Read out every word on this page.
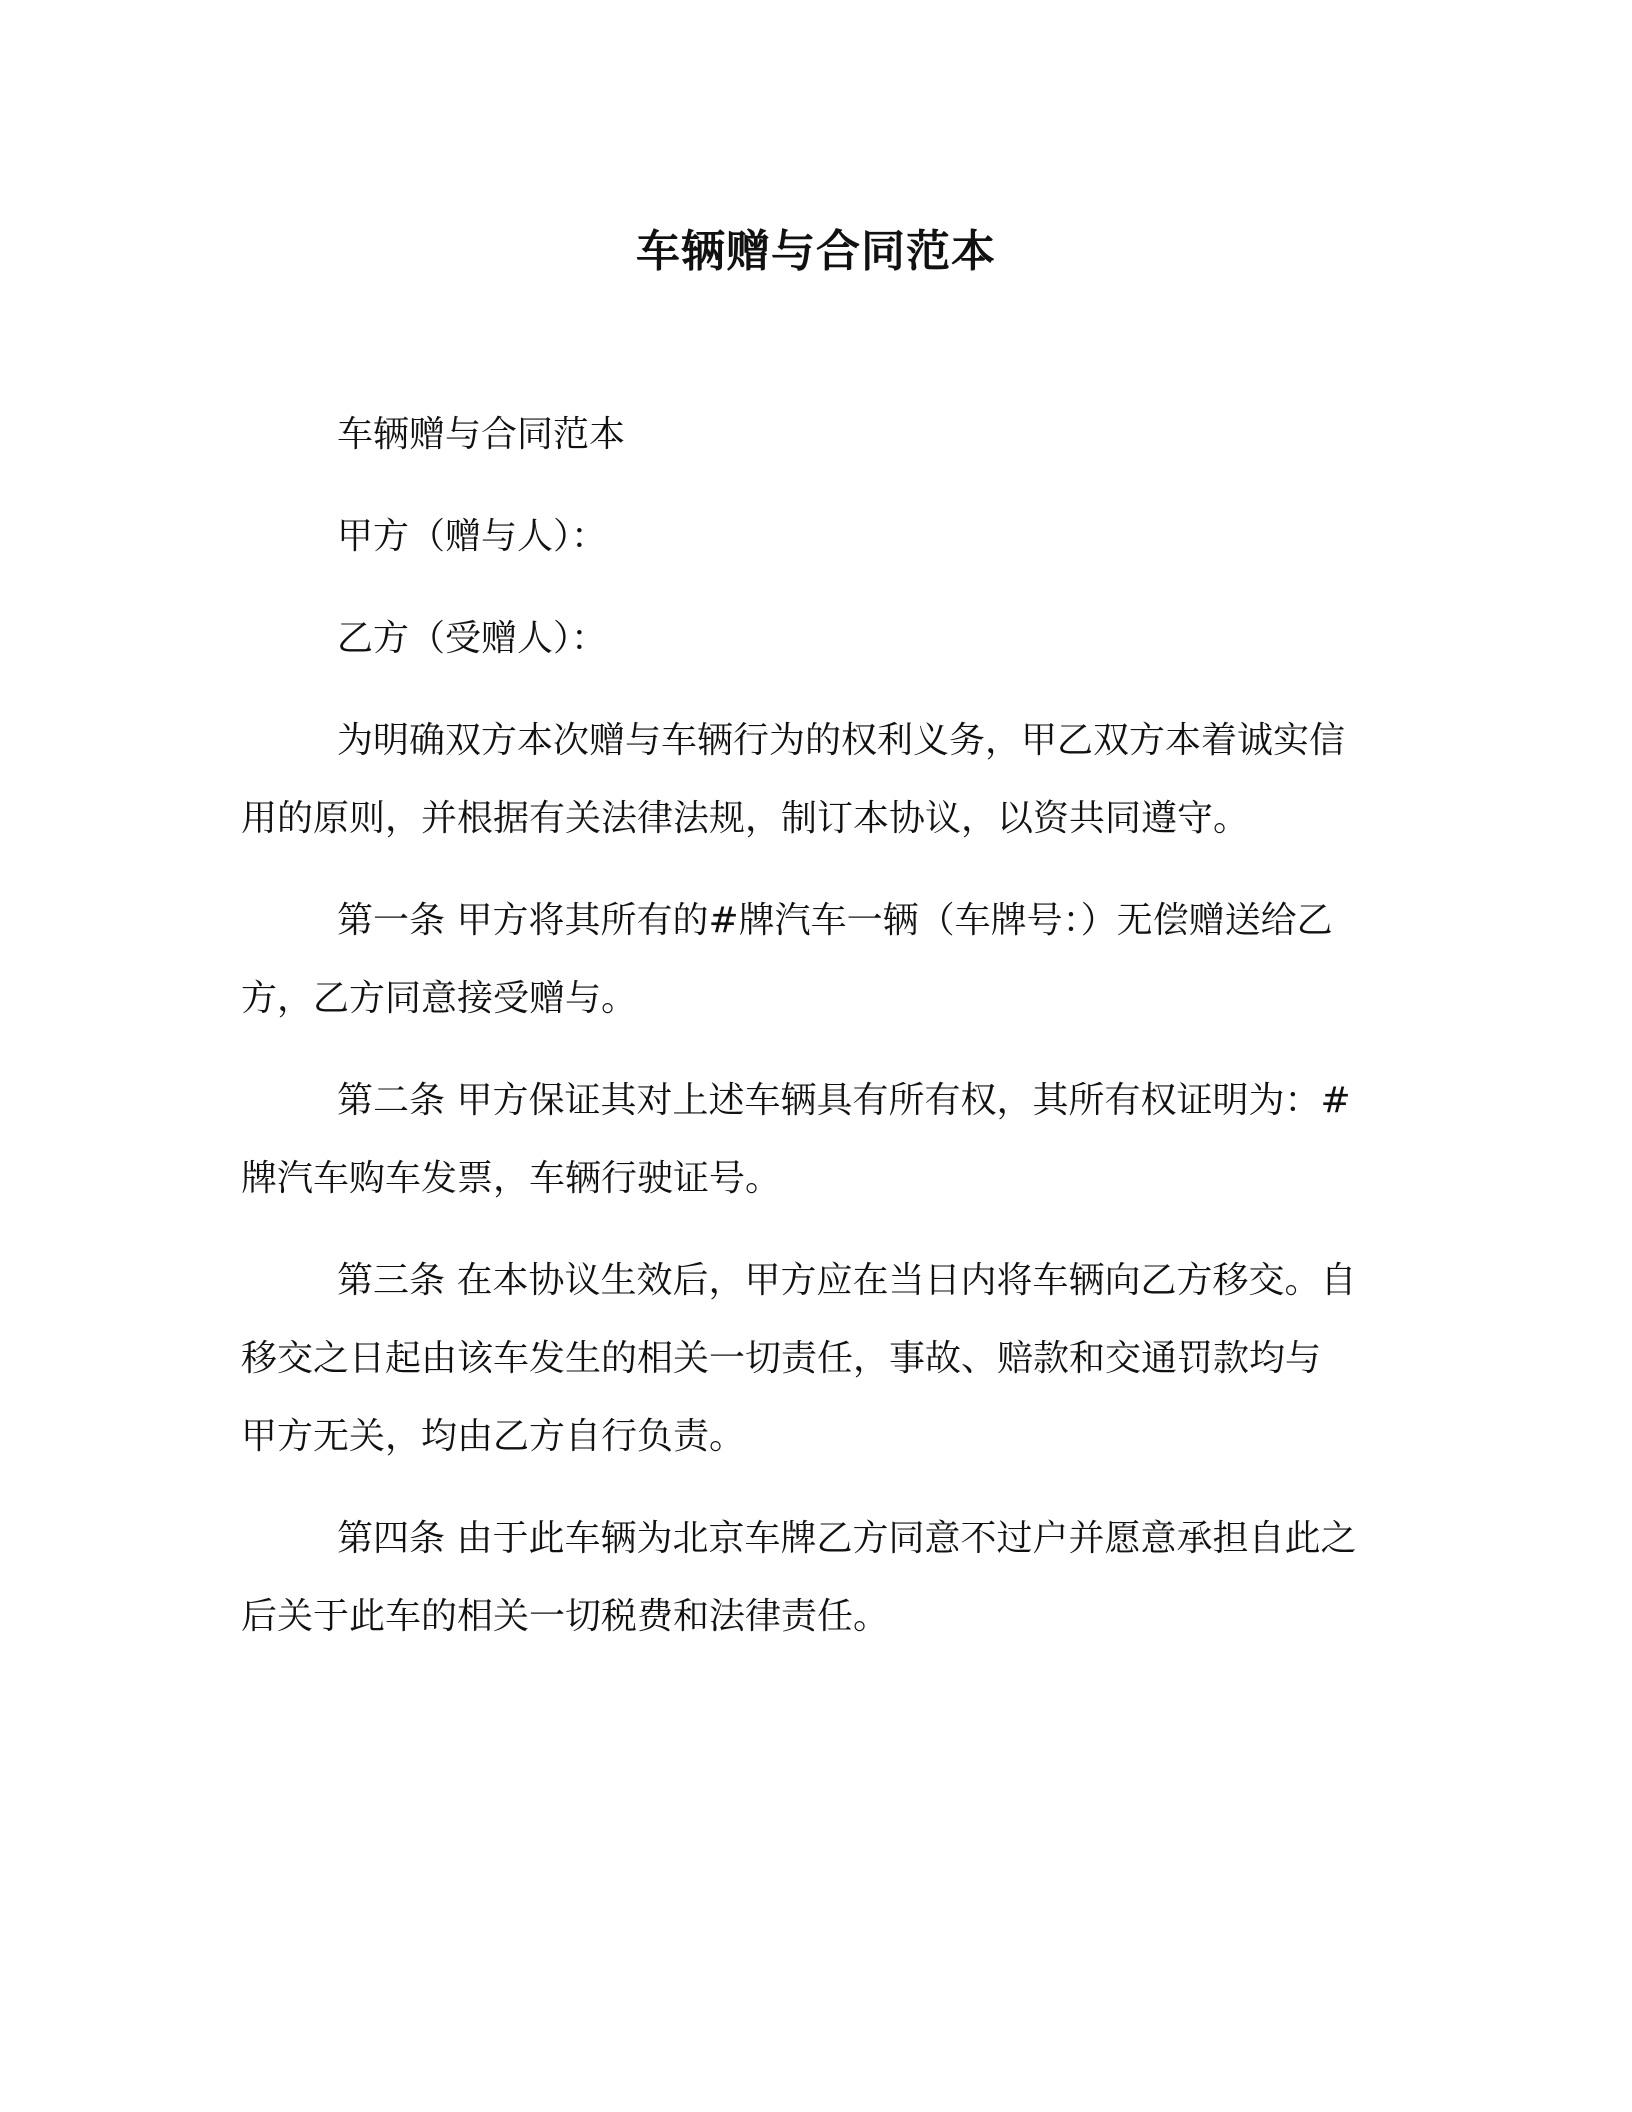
车辆赠与合同范本
车辆赠与合同范本
甲方（赠与人）：
乙方（受赠人）：
为明确双方本次赠与车辆行为的权利义务，甲乙双方本着诚实信
用的原则，并根据有关法律法规，制订本协议，以资共同遵守。
第一条 甲方将其所有的#牌汽车一辆（车牌号：）无偿赠送给乙
方，乙方同意接受赠与。
第二条 甲方保证其对上述车辆具有所有权，其所有权证明为：#
牌汽车购车发票，车辆行驶证号。
第三条 在本协议生效后，甲方应在当日内将车辆向乙方移交。自
移交之日起由该车发生的相关一切责任，事故、赔款和交通罚款均与
甲方无关，均由乙方自行负责。
第四条 由于此车辆为北京车牌乙方同意不过户并愿意承担自此之
后关于此车的相关一切税费和法律责任。
